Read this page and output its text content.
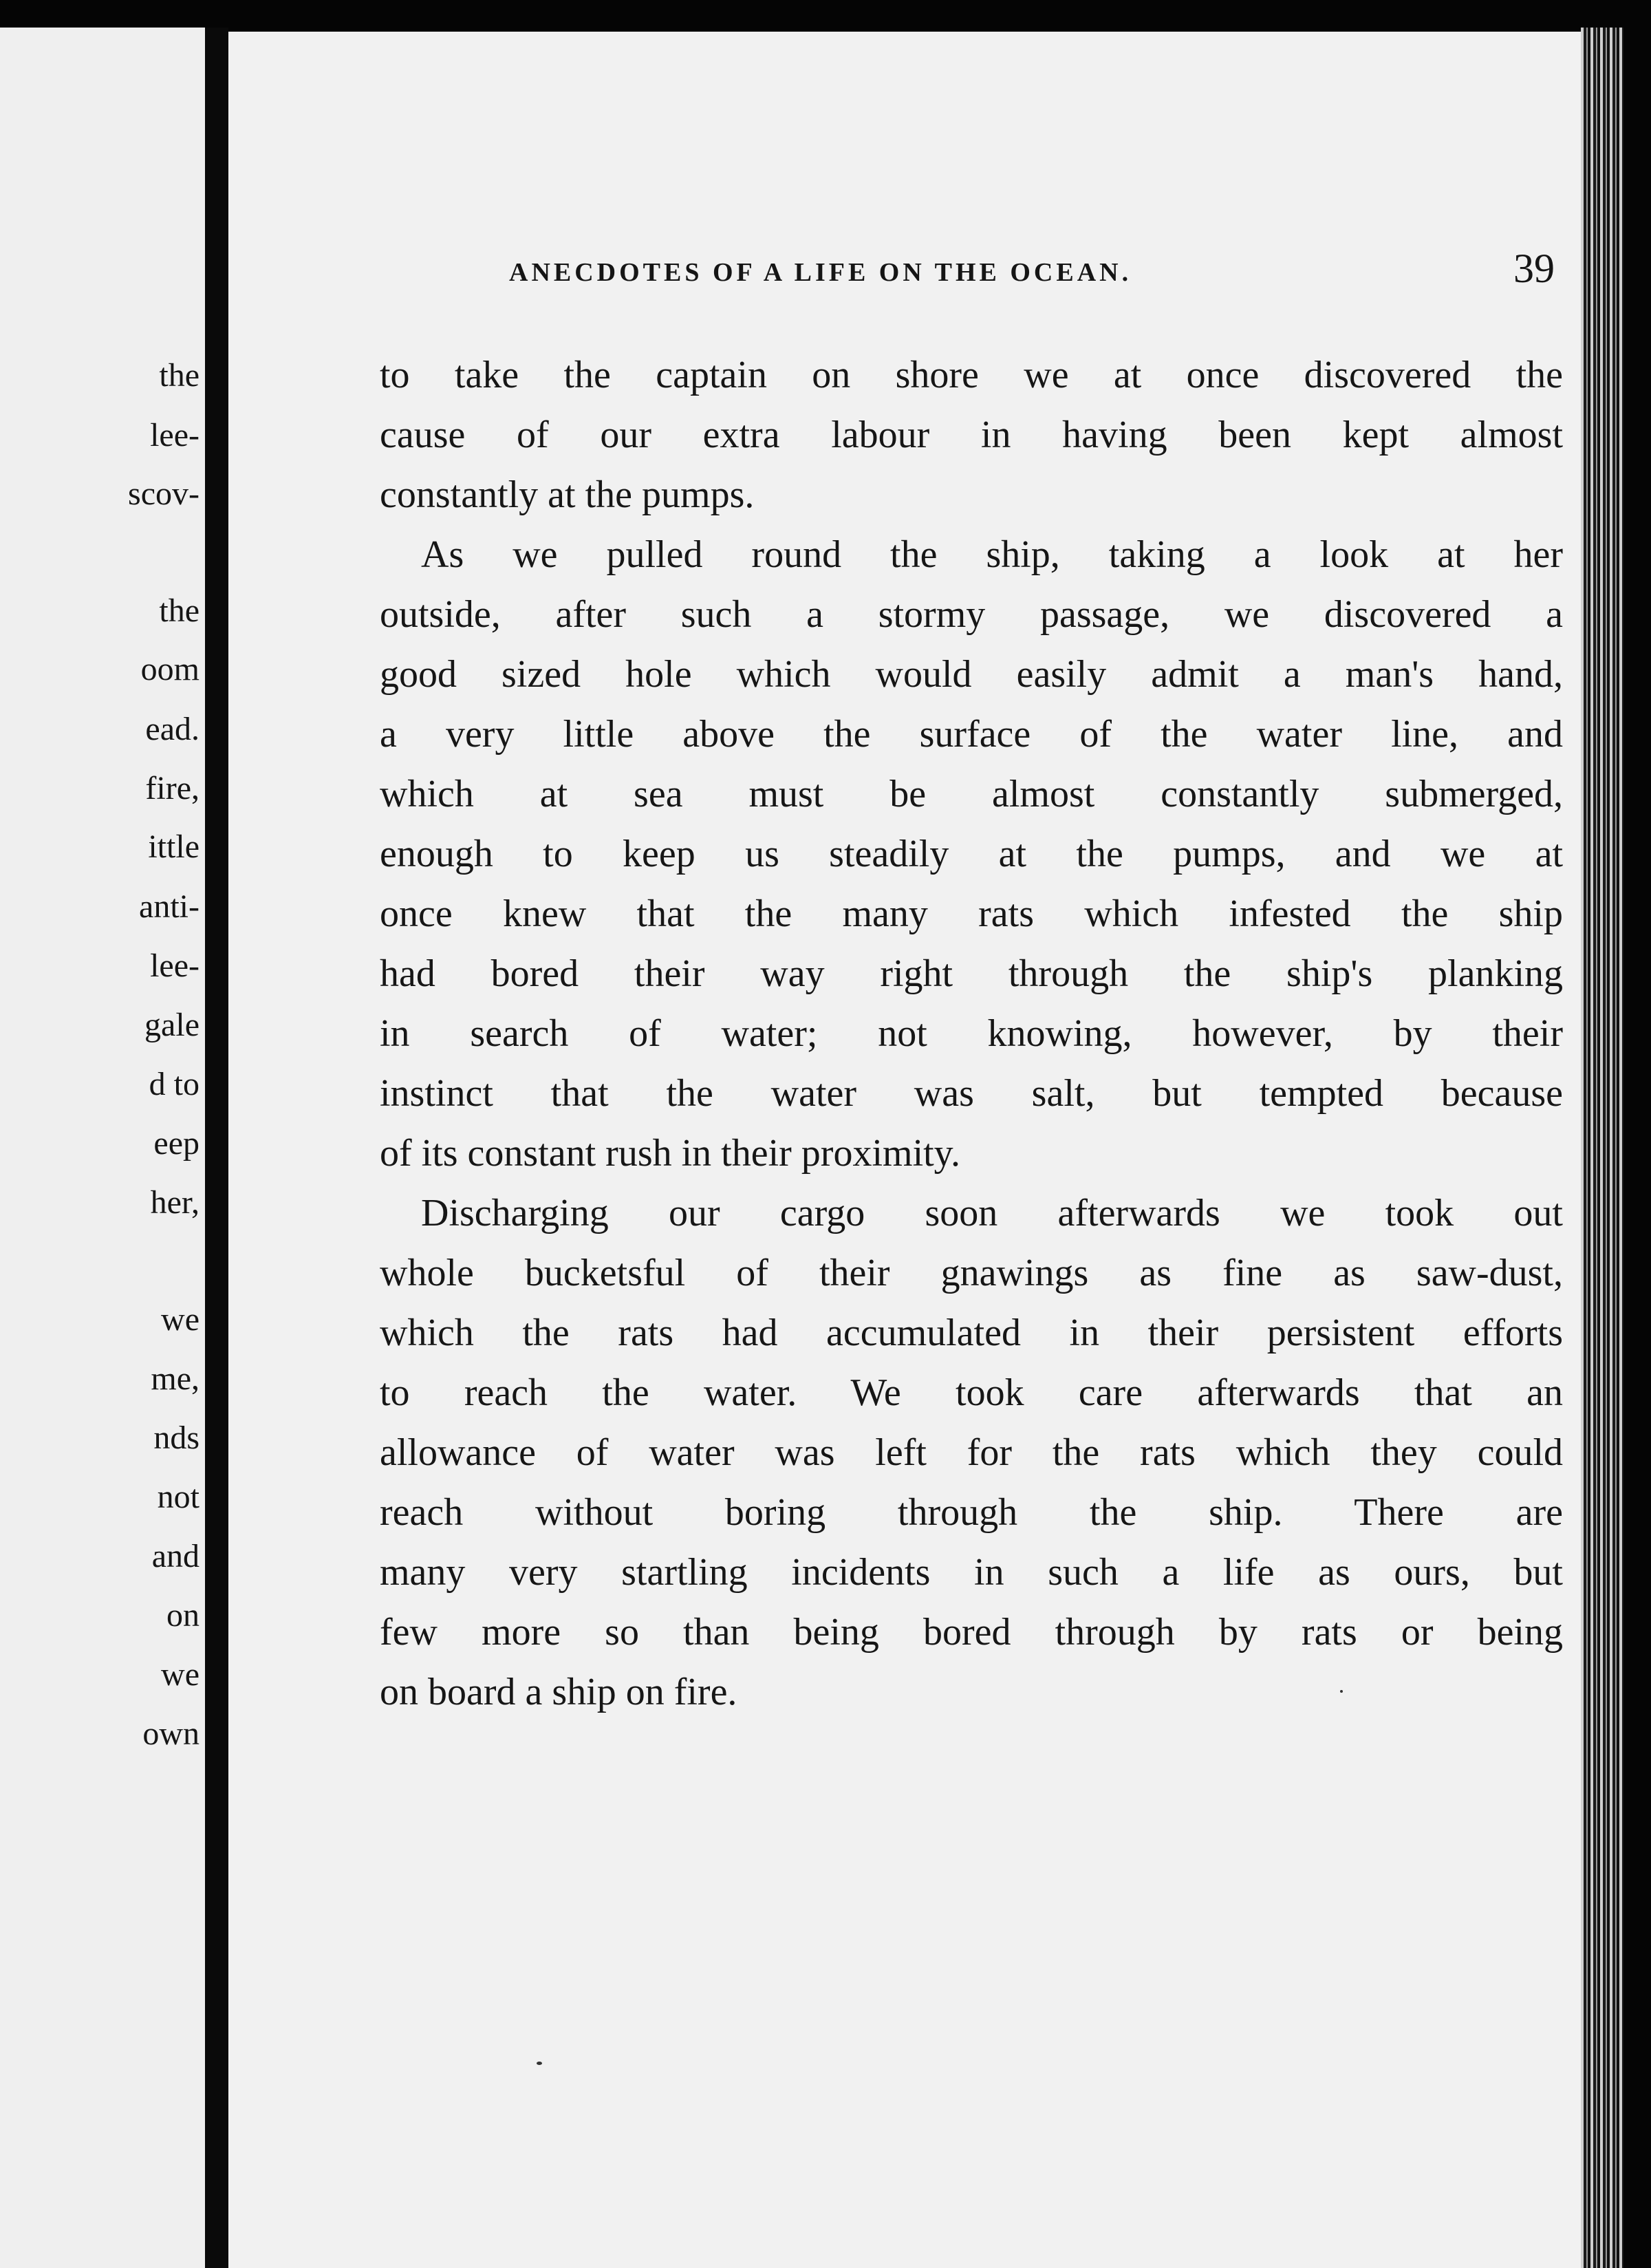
the
lee-
scov-
the
oom
ead.
fire,
ittle
anti-
lee-
gale
d to
eep
her,
we
me,
nds
not
and
on
we
own
ANECDOTES OF A LIFE ON THE OCEAN.	39
to take the captain on shore we at once discovered the
cause of our extra labour in having been kept almost
constantly at the pumps.
As we pulled round the ship, taking a look at her
outside, after such a stormy passage, we discovered a
good sized hole which would easily admit a man's hand,
a very little above the surface of the water line, and
which at sea must be almost constantly submerged,
enough to keep us steadily at the pumps, and we at
once knew that the many rats which infested the ship
had bored their way right through the ship's planking
in search of water; not knowing, however, by their
instinct that the water was salt, but tempted because
of its constant rush in their proximity.
Discharging our cargo soon afterwards we took out
whole bucketsful of their gnawings as fine as saw-dust,
which the rats had accumulated in their persistent efforts
to reach the water. We took care afterwards that an
allowance of water was left for the rats which they could
reach without boring through the ship. There are
many very startling incidents in such a life as ours, but
few more so than being bored through by rats or being
on board a ship on fire.
